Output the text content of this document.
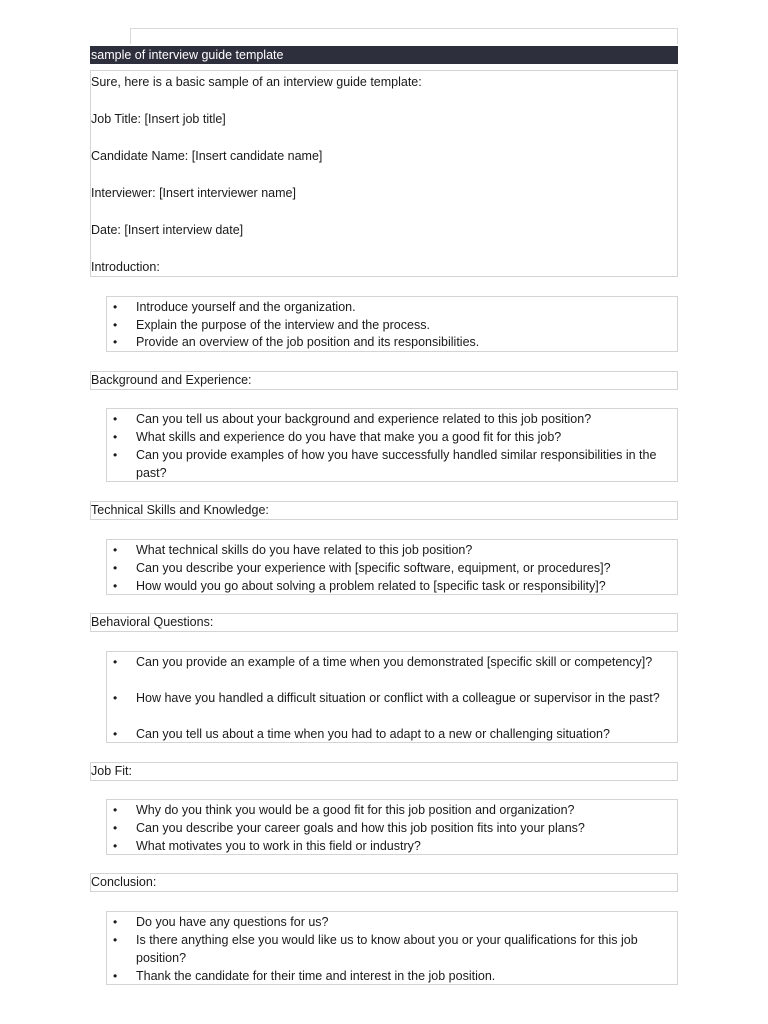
sample of interview guide template
Sure, here is a basic sample of an interview guide template:
Job Title: [Insert job title]
Candidate Name: [Insert candidate name]
Interviewer: [Insert interviewer name]
Date: [Insert interview date]
Introduction:
•	Introduce yourself and the organization.
•	Explain the purpose of the interview and the process.
•	Provide an overview of the job position and its responsibilities.
Background and Experience:
•	Can you tell us about your background and experience related to this job position?
•	What skills and experience do you have that make you a good fit for this job?
•	Can you provide examples of how you have successfully handled similar responsibilities in the past?
Technical Skills and Knowledge:
•	What technical skills do you have related to this job position?
•	Can you describe your experience with [specific software, equipment, or procedures]?
•	How would you go about solving a problem related to [specific task or responsibility]?
Behavioral Questions:
•	Can you provide an example of a time when you demonstrated [specific skill or competency]?
•	How have you handled a difficult situation or conflict with a colleague or supervisor in the past?
•	Can you tell us about a time when you had to adapt to a new or challenging situation?
Job Fit:
•	Why do you think you would be a good fit for this job position and organization?
•	Can you describe your career goals and how this job position fits into your plans?
•	What motivates you to work in this field or industry?
Conclusion:
•	Do you have any questions for us?
•	Is there anything else you would like us to know about you or your qualifications for this job position?
•	Thank the candidate for their time and interest in the job position.
